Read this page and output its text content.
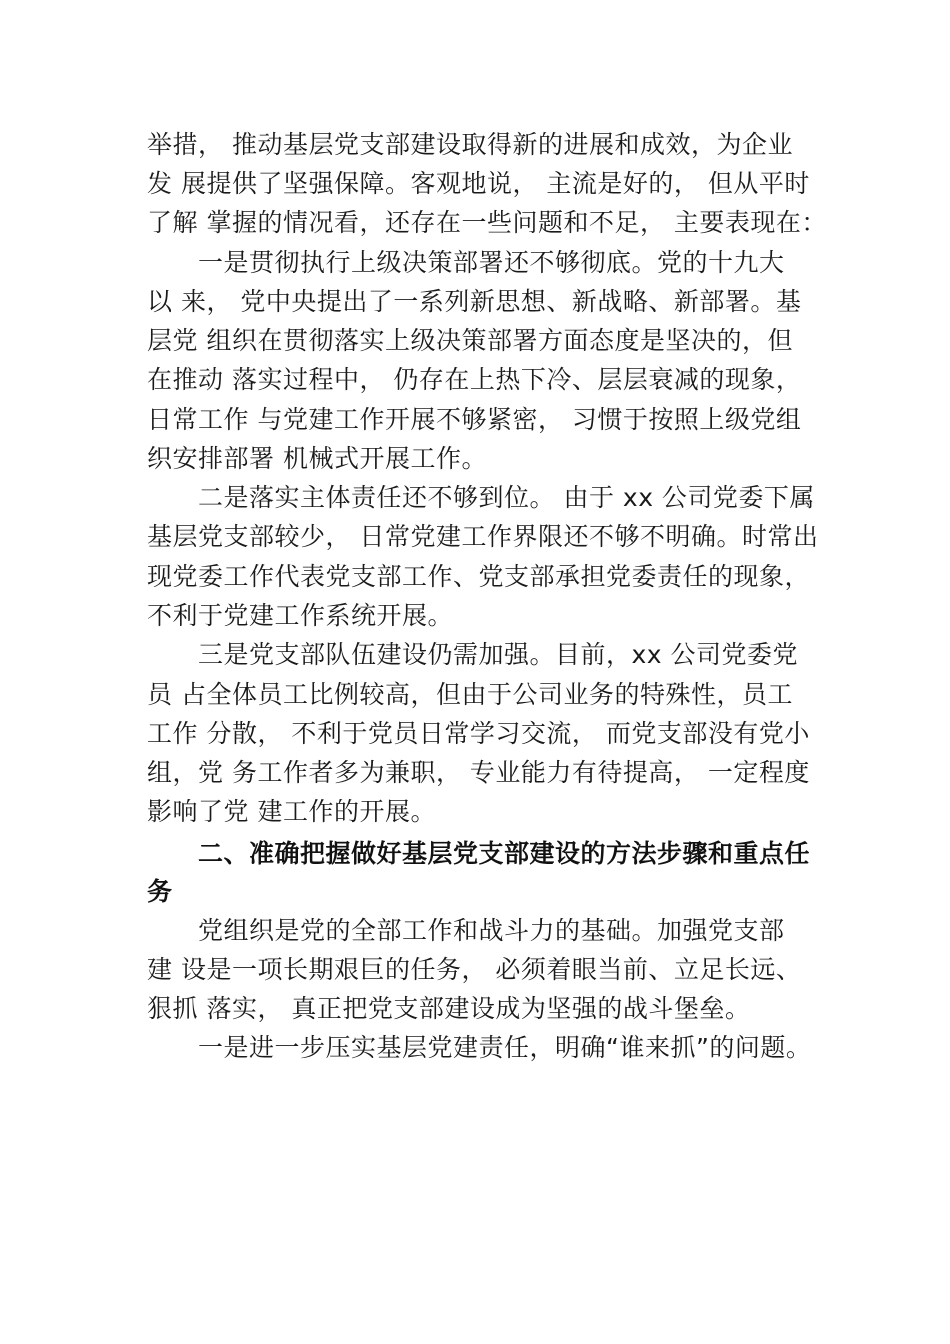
举措， 推动基层党支部建设取得新的进展和成效，为企业
发 展提供了坚强保障。客观地说， 主流是好的， 但从平时
了解 掌握的情况看，还存在一些问题和不足， 主要表现在：
一是贯彻执行上级决策部署还不够彻底。党的十九大
以 来， 党中央提出了一系列新思想、新战略、新部署。基
层党 组织在贯彻落实上级决策部署方面态度是坚决的，但
在推动 落实过程中， 仍存在上热下冷、层层衰减的现象，
日常工作 与党建工作开展不够紧密， 习惯于按照上级党组
织安排部署 机械式开展工作。
二是落实主体责任还不够到位。 由于 xx 公司党委下属
基层党支部较少， 日常党建工作界限还不够不明确。时常出
现党委工作代表党支部工作、党支部承担党委责任的现象，
不利于党建工作系统开展。
三是党支部队伍建设仍需加强。目前，xx 公司党委党
员 占全体员工比例较高，但由于公司业务的特殊性，员工
工作 分散， 不利于党员日常学习交流， 而党支部没有党小
组，党 务工作者多为兼职， 专业能力有待提高， 一定程度
影响了党 建工作的开展。
二、准确把握做好基层党支部建设的方法步骤和重点任
务
党组织是党的全部工作和战斗力的基础。加强党支部
建 设是一项长期艰巨的任务， 必须着眼当前、立足长远、
狠抓 落实， 真正把党支部建设成为坚强的战斗堡垒。
一是进一步压实基层党建责任，明确“谁来抓”的问题。
